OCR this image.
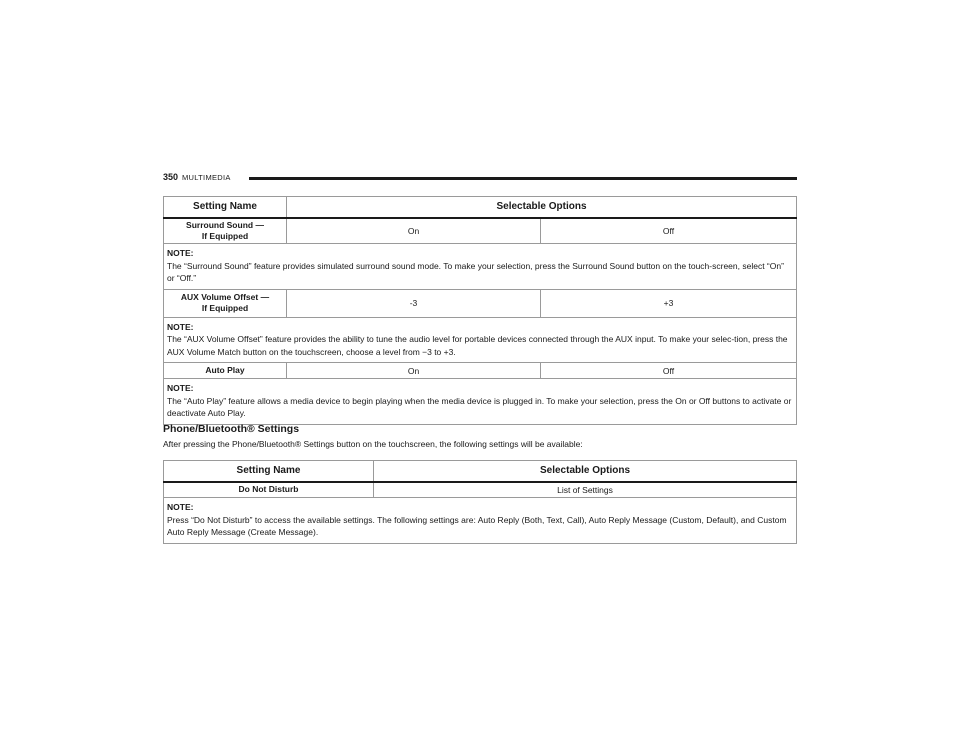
350 MULTIMEDIA
Setting Name	Selectable Options	
Surround Sound —
If Equipped	On	Off

NOTE:
The “Surround Sound” feature provides simulated surround sound mode. To make your selection, press the Surround Sound button on the touch-screen, select “On” or “Off.”		
AUX Volume Offset —
If Equipped	-3	+3

NOTE:
The “AUX Volume Offset” feature provides the ability to tune the audio level for portable devices connected through the AUX input. To make your selec-tion, press the AUX Volume Match button on the touchscreen, choose a level from −3 to +3.		
Auto Play	On	Off

NOTE:
The “Auto Play” feature allows a media device to begin playing when the media device is plugged in. To make your selection, press the On or Off buttons to activate or deactivate Auto Play.		
Phone/Bluetooth® Settings
After pressing the Phone/Bluetooth® Settings button on the touchscreen, the following settings will be available:
Setting Name	Selectable Options
Do Not Disturb	List of Settings

NOTE:
Press “Do Not Disturb” to access the available settings. The following settings are: Auto Reply (Both, Text, Call), Auto Reply Message (Custom, Default), and Custom Auto Reply Message (Create Message).	
